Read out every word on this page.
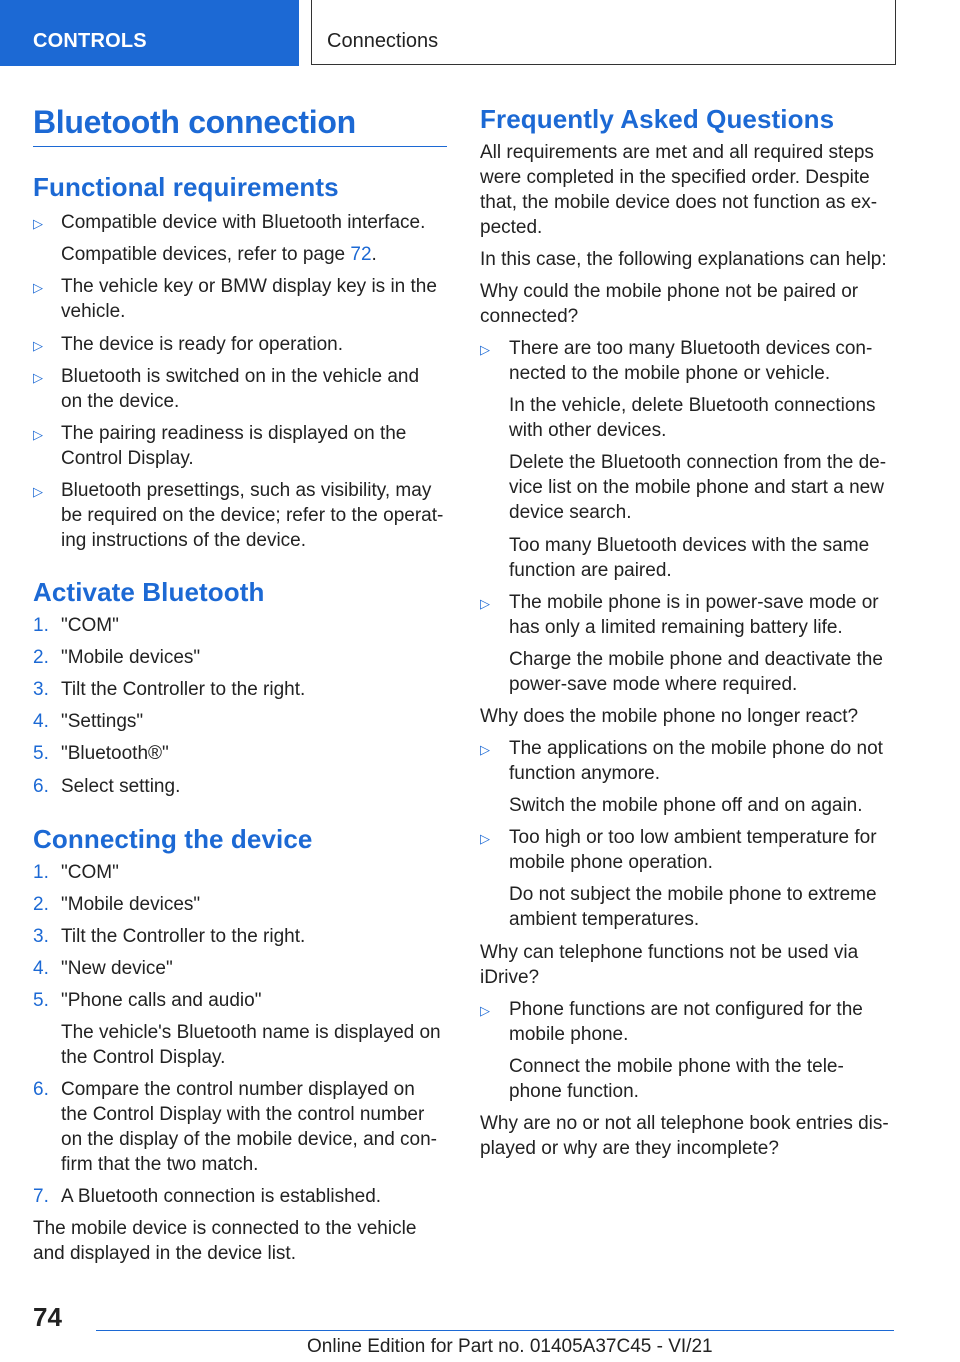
CONTROLS	Connections
Bluetooth connection
Functional requirements
▷ Compatible device with Bluetooth interface.
Compatible devices, refer to page 72.
▷ The vehicle key or BMW display key is in the
vehicle.
▷ The device is ready for operation.
▷ Bluetooth is switched on in the vehicle and
on the device.
▷ The pairing readiness is displayed on the
Control Display.
▷ Bluetooth presettings, such as visibility, may
be required on the device; refer to the operat‐
ing instructions of the device.
Activate Bluetooth
1. "COM"
2. "Mobile devices"
3. Tilt the Controller to the right.
4. "Settings"
5. "Bluetooth®"
6. Select setting.
Connecting the device
1. "COM"
2. "Mobile devices"
3. Tilt the Controller to the right.
4. "New device"
5. "Phone calls and audio"
The vehicle's Bluetooth name is displayed on
the Control Display.
6. Compare the control number displayed on
the Control Display with the control number
on the display of the mobile device, and con‐
firm that the two match.
7. A Bluetooth connection is established.
The mobile device is connected to the vehicle
and displayed in the device list.
Frequently Asked Questions
All requirements are met and all required steps
were completed in the specified order. Despite
that, the mobile device does not function as ex‐
pected.
In this case, the following explanations can help:
Why could the mobile phone not be paired or
connected?
▷ There are too many Bluetooth devices con‐
nected to the mobile phone or vehicle.
In the vehicle, delete Bluetooth connections
with other devices.
Delete the Bluetooth connection from the de‐
vice list on the mobile phone and start a new
device search.
Too many Bluetooth devices with the same
function are paired.
▷ The mobile phone is in power-save mode or
has only a limited remaining battery life.
Charge the mobile phone and deactivate the
power-save mode where required.
Why does the mobile phone no longer react?
▷ The applications on the mobile phone do not
function anymore.
Switch the mobile phone off and on again.
▷ Too high or too low ambient temperature for
mobile phone operation.
Do not subject the mobile phone to extreme
ambient temperatures.
Why can telephone functions not be used via
iDrive?
▷ Phone functions are not configured for the
mobile phone.
Connect the mobile phone with the tele‐
phone function.
Why are no or not all telephone book entries dis‐
played or why are they incomplete?
74
Online Edition for Part no. 01405A37C45 - VI/21
